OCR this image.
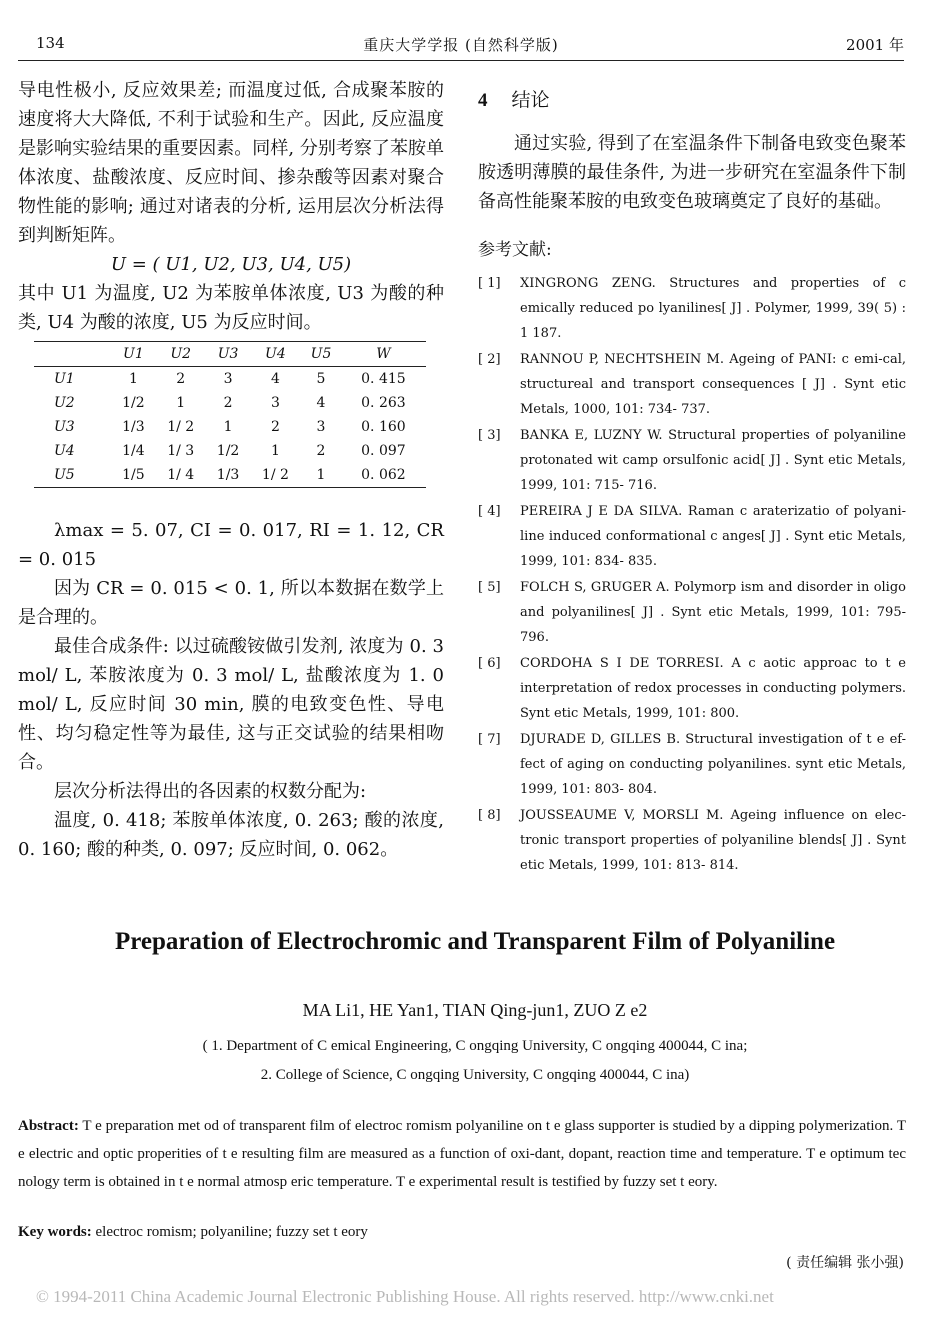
134	重庆大学学报 (自然科学版)	2001 年

导电性极小, 反应效果差; 而温度过低, 合成聚苯胺的速度将大大降低, 不利于试验和生产。因此, 反应温度是影响实验结果的重要因素。同样, 分别考察了苯胺单体浓度、盐酸浓度、反应时间、掺杂酸等因素对聚合物性能的影响; 通过对诸表的分析, 运用层次分析法得到判断矩阵。

U = ( U1, U2, U3, U4, U5)

其中 U1 为温度, U2 为苯胺单体浓度, U3 为酸的种类, U4 为酸的浓度, U5 为反应时间。

	U1	U2	U3	U4	U5	W
U1	1	2	3	4	5	0. 415
U2	1/2	1	2	3	4	0. 263
U3	1/3	1/ 2	1	2	3	0. 160
U4	1/4	1/ 3	1/2	1	2	0. 097
U5	1/5	1/ 4	1/3	1/ 2	1	0. 062

λmax = 5. 07, CI = 0. 017, RI = 1. 12, CR = 0. 015

因为 CR = 0. 015 < 0. 1, 所以本数据在数学上是合理的。

最佳合成条件: 以过硫酸铵做引发剂, 浓度为 0. 3 mol/ L, 苯胺浓度为 0. 3 mol/ L, 盐酸浓度为 1. 0 mol/ L, 反应时间 30 min, 膜的电致变色性、导电性、均匀稳定性等为最佳, 这与正交试验的结果相吻合。

层次分析法得出的各因素的权数分配为:

温度, 0. 418; 苯胺单体浓度, 0. 263; 酸的浓度, 0. 160; 酸的种类, 0. 097; 反应时间, 0. 062。

4 结论

通过实验, 得到了在室温条件下制备电致变色聚苯胺透明薄膜的最佳条件, 为进一步研究在室温条件下制备高性能聚苯胺的电致变色玻璃奠定了良好的基础。

参考文献:
[ 1]	XINGRONG ZENG. Structures and properties of c emically reduced po lyanilines[ J] . Polymer, 1999, 39( 5) : 1 187.
[ 2]	RANNOU P, NECHTSHEIN M. Ageing of PANI: c emi-cal, structureal and transport consequences [ J] . Synt etic Metals, 1000, 101: 734- 737.
[ 3]	BANKA E, LUZNY W. Structural properties of polyaniline protonated wit camp orsulfonic acid[ J] . Synt etic Metals, 1999, 101: 715- 716.
[ 4]	PEREIRA J E DA SILVA. Raman c araterizatio of polyani-line induced conformational c anges[ J] . Synt etic Metals, 1999, 101: 834- 835.
[ 5]	FOLCH S, GRUGER A. Polymorp ism and disorder in oligo and polyanilines[ J] . Synt etic Metals, 1999, 101: 795- 796.
[ 6]	CORDOHA S I DE TORRESI. A c aotic approac to t e interpretation of redox processes in conducting polymers. Synt etic Metals, 1999, 101: 800.
[ 7]	DJURADE D, GILLES B. Structural investigation of t e ef-fect of aging on conducting polyanilines. synt etic Metals, 1999, 101: 803- 804.
[ 8]	JOUSSEAUME V, MORSLI M. Ageing influence on elec-tronic transport properties of polyaniline blends[ J] . Synt etic Metals, 1999, 101: 813- 814.
Preparation of Electrochromic and Transparent Film of Polyaniline
MA Li1, HE Yan1, TIAN Qing-jun1, ZUO Z e2
( 1. Department of C emical Engineering, C ongqing University, C ongqing 400044, C ina;
2. College of Science, C ongqing University, C ongqing 400044, C ina)
Abstract: T e preparation met od of transparent film of electroc romism polyaniline on t e glass supporter is studied by a dipping polymerization. T e electric and optic properities of t e resulting film are measured as a function of oxi-dant, dopant, reaction time and temperature. T e optimum tec nology term is obtained in t e normal atmosp eric temperature. T e experimental result is testified by fuzzy set t eory.
Key words: electroc romism; polyaniline; fuzzy set t eory
( 责任编辑 张小强)
© 1994-2011 China Academic Journal Electronic Publishing House. All rights reserved. http://www.cnki.net
